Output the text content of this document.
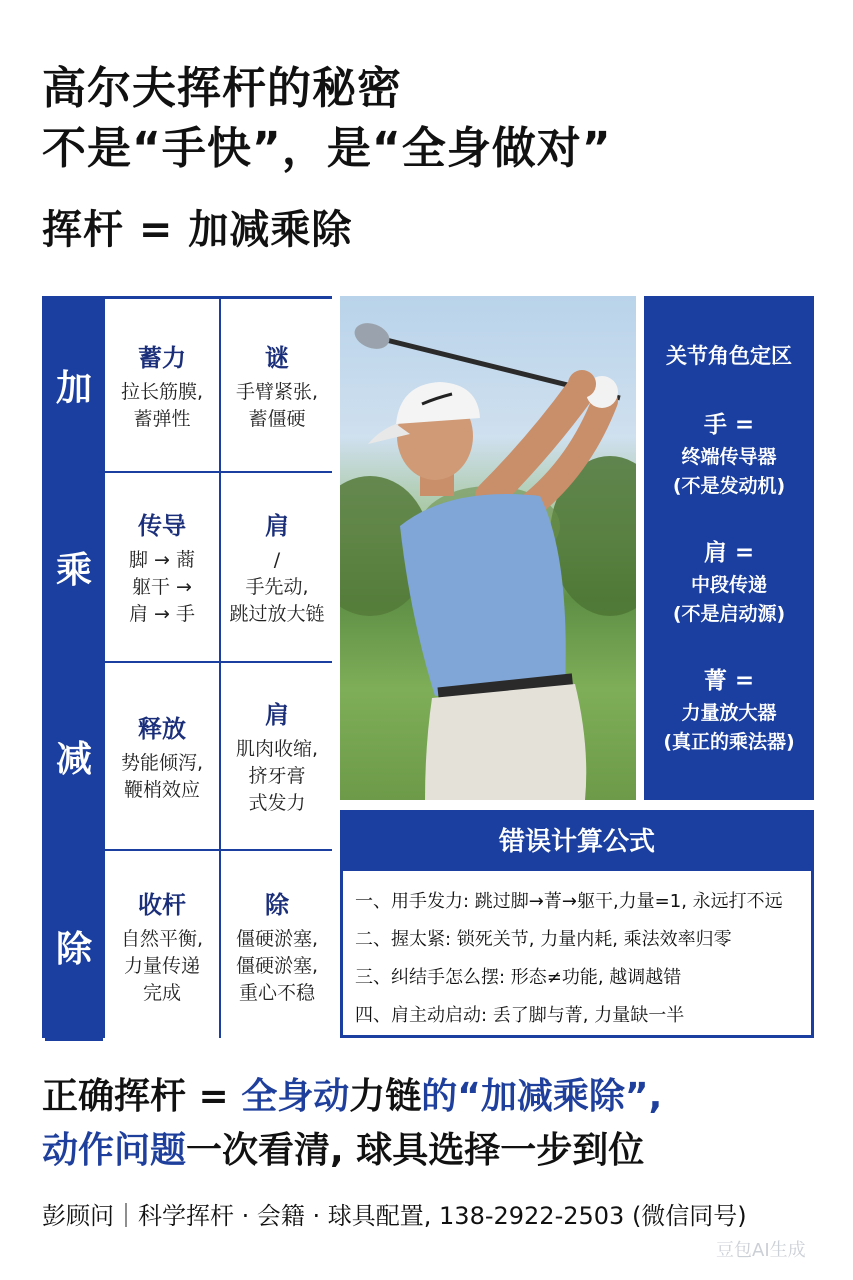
高尔夫挥杆的秘密
不是“手快”，是“全身做对”
挥杆 = 加减乘除
加
蓄力
拉长筋膜,
蓄弹性
谜
手臂紧张,
蓄僵硬
乘
传导
脚 → 蔏
躯干 →
肩 → 手
肩
/
手先动,
跳过放大链
减
释放
势能倾泻,
鞭梢效应
肩
肌肉收缩,
挤牙膏
式发力
除
收杆
自然平衡,
力量传递
完成
除
僵硬淤塞,
僵硬淤塞,
重心不稳
关节角色定区
手 =
终端传导器
(不是发动机)
肩 =
中段传递
(不是启动源)
菁 =
力量放大器
(真正的乘法器)
错误计算公式
一、用手发力: 跳过脚→菁→躯干,力量=1, 永远打不远
二、握太紧: 锁死关节, 力量内耗, 乘法效率归零
三、纠结手怎么摆: 形态≠功能, 越调越错
四、肩主动启动: 丢了脚与菁, 力量缺一半
正确挥杆 = 全身动力链的“加减乘除”,
动作问题一次看清, 球具选择一步到位
彭顾问｜科学挥杆 · 会籍 · 球具配置, 138-2922-2503 (微信同号)
豆包AI生成
